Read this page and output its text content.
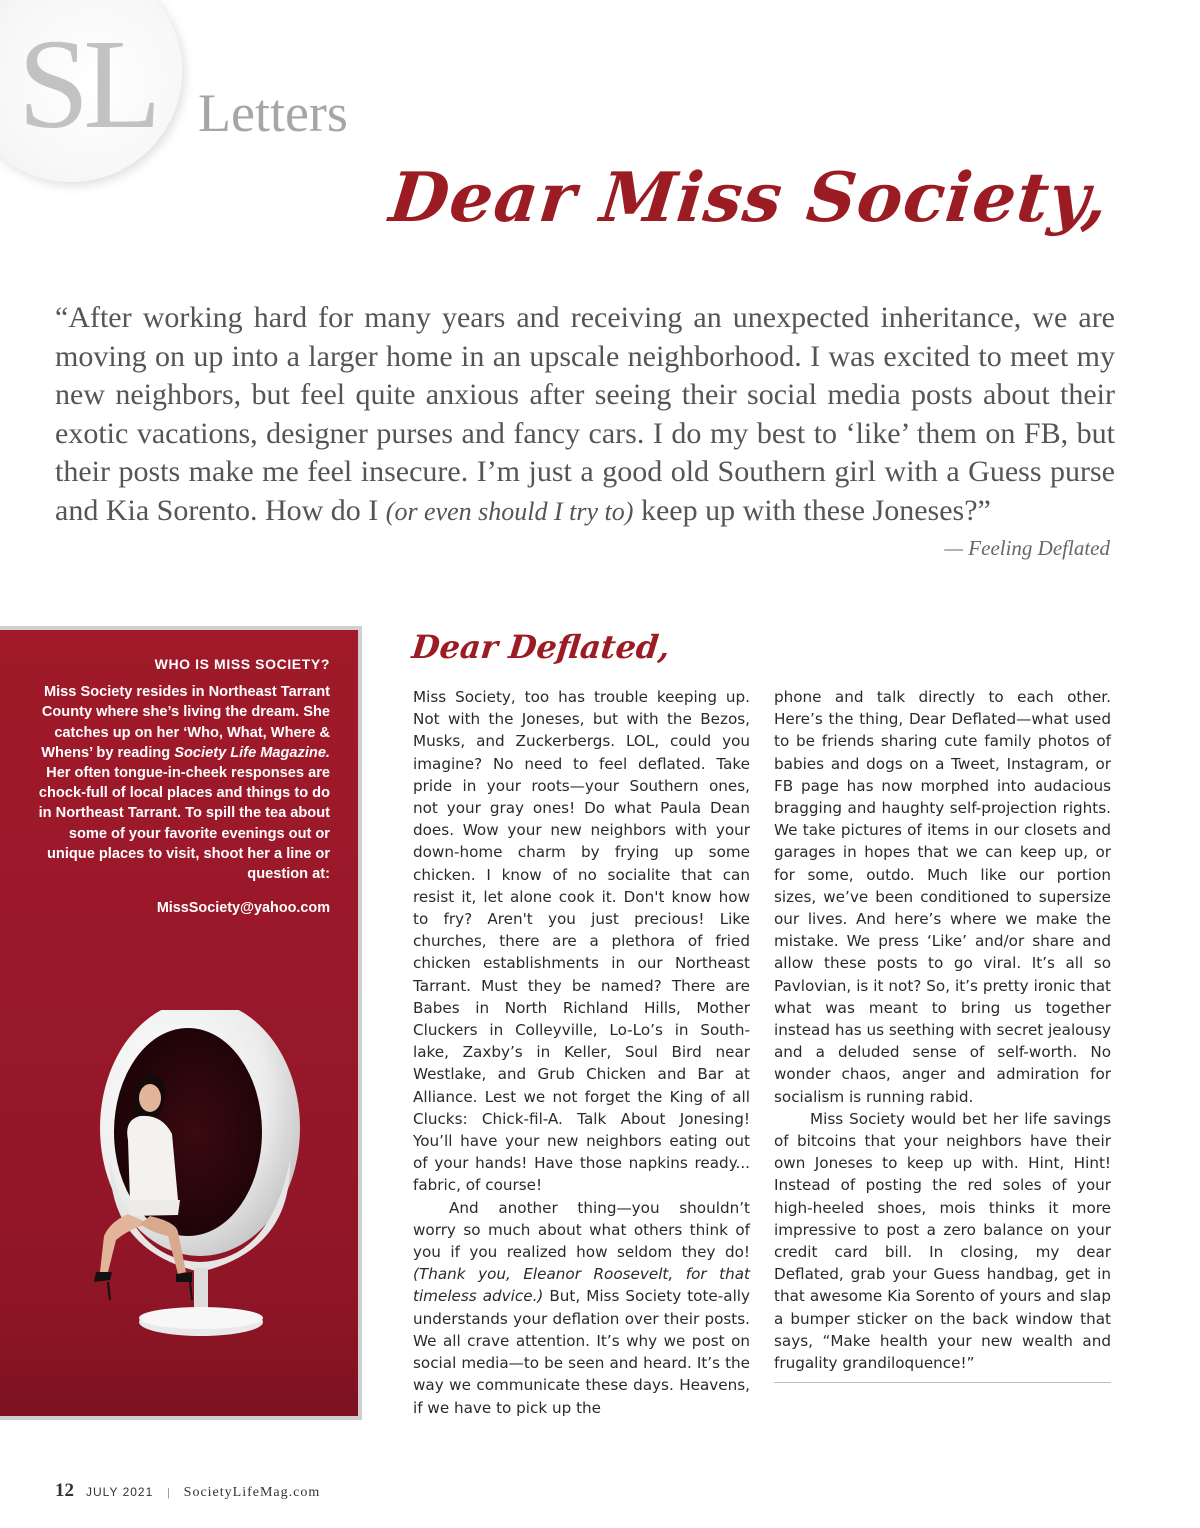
SL Letters
Dear Miss Society,

“After working hard for many years and receiving an unexpected inheritance, we are moving on up into a larger home in an upscale neighborhood. I was excited to meet my new neighbors, but feel quite anxious after seeing their social media posts about their exotic vacations, designer purses and fancy cars. I do my best to ‘like’ them on FB, but their posts make me feel insecure. I’m just a good old Southern girl with a Guess purse and Kia Sorento. How do I (or even should I try to) keep up with these Joneses?”

— Feeling Deflated
WHO IS MISS SOCIETY?
Miss Society resides in Northeast Tarrant County where she’s living the dream. She catches up on her ‘Who, What, Where & Whens’ by reading Society Life Magazine. Her often tongue-in-cheek responses are chock-full of local places and things to do in Northeast Tarrant. To spill the tea about some of your favorite evenings out or unique places to visit, shoot her a line or question at:
MissSociety@yahoo.com
Dear Deflated,

Miss Society, too has trouble keeping up. Not with the Joneses, but with the Bezos, Musks, and Zuckerbergs. LOL, could you imagine? No need to feel deflated. Take pride in your roots—your Southern ones, not your gray ones! Do what Paula Dean does. Wow your new neighbors with your down-home charm by frying up some chicken. I know of no socialite that can resist it, let alone cook it. Don't know how to fry? Aren't you just precious! Like churches, there are a plethora of fried chicken establishments in our Northeast Tarrant. Must they be named? There are Babes in North Richland Hills, Mother Cluckers in Colleyville, Lo-Lo’s in South-lake, Zaxby’s in Keller, Soul Bird near Westlake, and Grub Chicken and Bar at Alliance. Lest we not forget the King of all Clucks: Chick-fil-A. Talk About Jonesing! You’ll have your new neighbors eating out of your hands! Have those napkins ready... fabric, of course!

And another thing—you shouldn’t worry so much about what others think of you if you realized how seldom they do! (Thank you, Eleanor Roosevelt, for that timeless advice.) But, Miss Society tote-ally understands your deflation over their posts. We all crave attention. It’s why we post on social media—to be seen and heard. It’s the way we communicate these days. Heavens, if we have to pick up the

phone and talk directly to each other. Here’s the thing, Dear Deflated—what used to be friends sharing cute family photos of babies and dogs on a Tweet, Instagram, or FB page has now morphed into audacious bragging and haughty self-projection rights. We take pictures of items in our closets and garages in hopes that we can keep up, or for some, outdo. Much like our portion sizes, we’ve been conditioned to supersize our lives. And here’s where we make the mistake. We press ‘Like’ and/or share and allow these posts to go viral. It’s all so Pavlovian, is it not? So, it’s pretty ironic that what was meant to bring us together instead has us seething with secret jealousy and a deluded sense of self-worth. No wonder chaos, anger and admiration for socialism is running rabid.

Miss Society would bet her life savings of bitcoins that your neighbors have their own Joneses to keep up with. Hint, Hint! Instead of posting the red soles of your high-heeled shoes, mois thinks it more impressive to post a zero balance on your credit card bill. In closing, my dear Deflated, grab your Guess handbag, get in that awesome Kia Sorento of yours and slap a bumper sticker on the back window that says, “Make health your new wealth and frugality grandiloquence!”

12 JULY 2021 | SocietyLifeMag.com
